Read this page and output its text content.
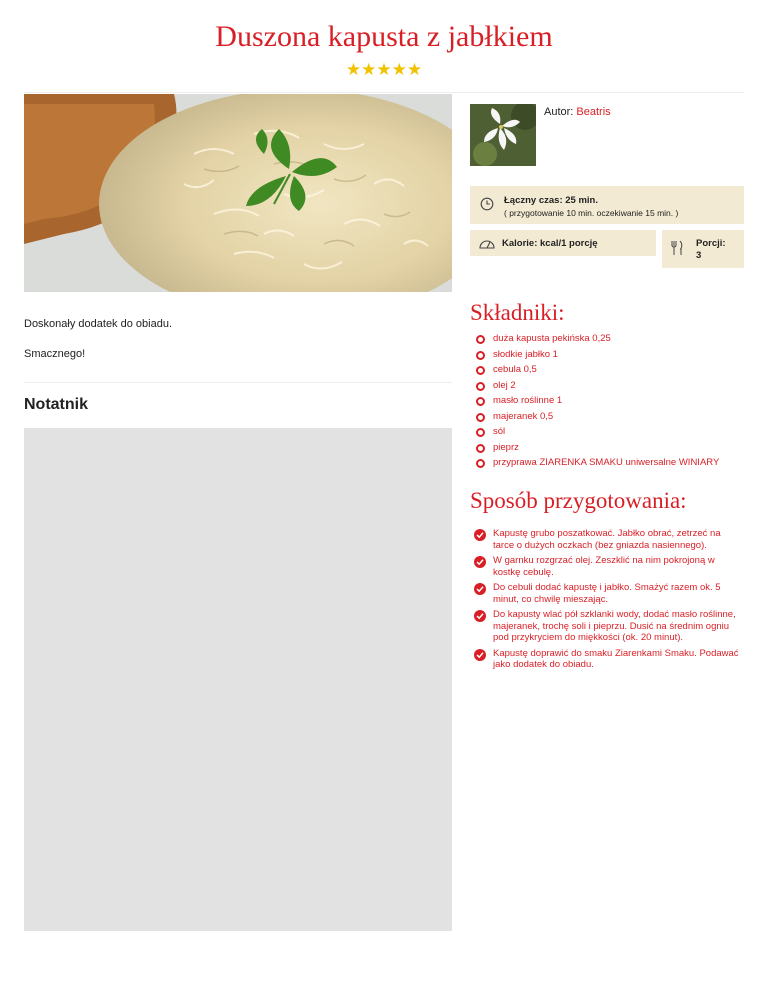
Duszona kapusta z jabłkiem
★★★★★

Doskonały dodatek do obiadu.

Smacznego!

Notatnik
Autor: Beatris
Łączny czas: 25 min.
( przygotowanie 10 min. oczekiwanie 15 min. )
Kalorie: kcal/1 porcję	Porcji:
3
Składniki:
duża kapusta pekińska 0,25
słodkie jabłko 1
cebula 0,5
olej 2
masło roślinne 1
majeranek 0,5
sól
pieprz
przyprawa ZIARENKA SMAKU uniwersalne WINIARY
Sposób przygotowania:
Kapustę grubo poszatkować. Jabłko obrać, zetrzeć na tarce o dużych oczkach (bez gniazda nasiennego).
W garnku rozgrzać olej. Zeszklić na nim pokrojoną w kostkę cebulę.
Do cebuli dodać kapustę i jabłko. Smażyć razem ok. 5 minut, co chwilę mieszając.
Do kapusty wlać pół szklanki wody, dodać masło roślinne, majeranek, trochę soli i pieprzu. Dusić na średnim ogniu pod przykryciem do miękkości (ok. 20 minut).
Kapustę doprawić do smaku Ziarenkami Smaku. Podawać jako dodatek do obiadu.
